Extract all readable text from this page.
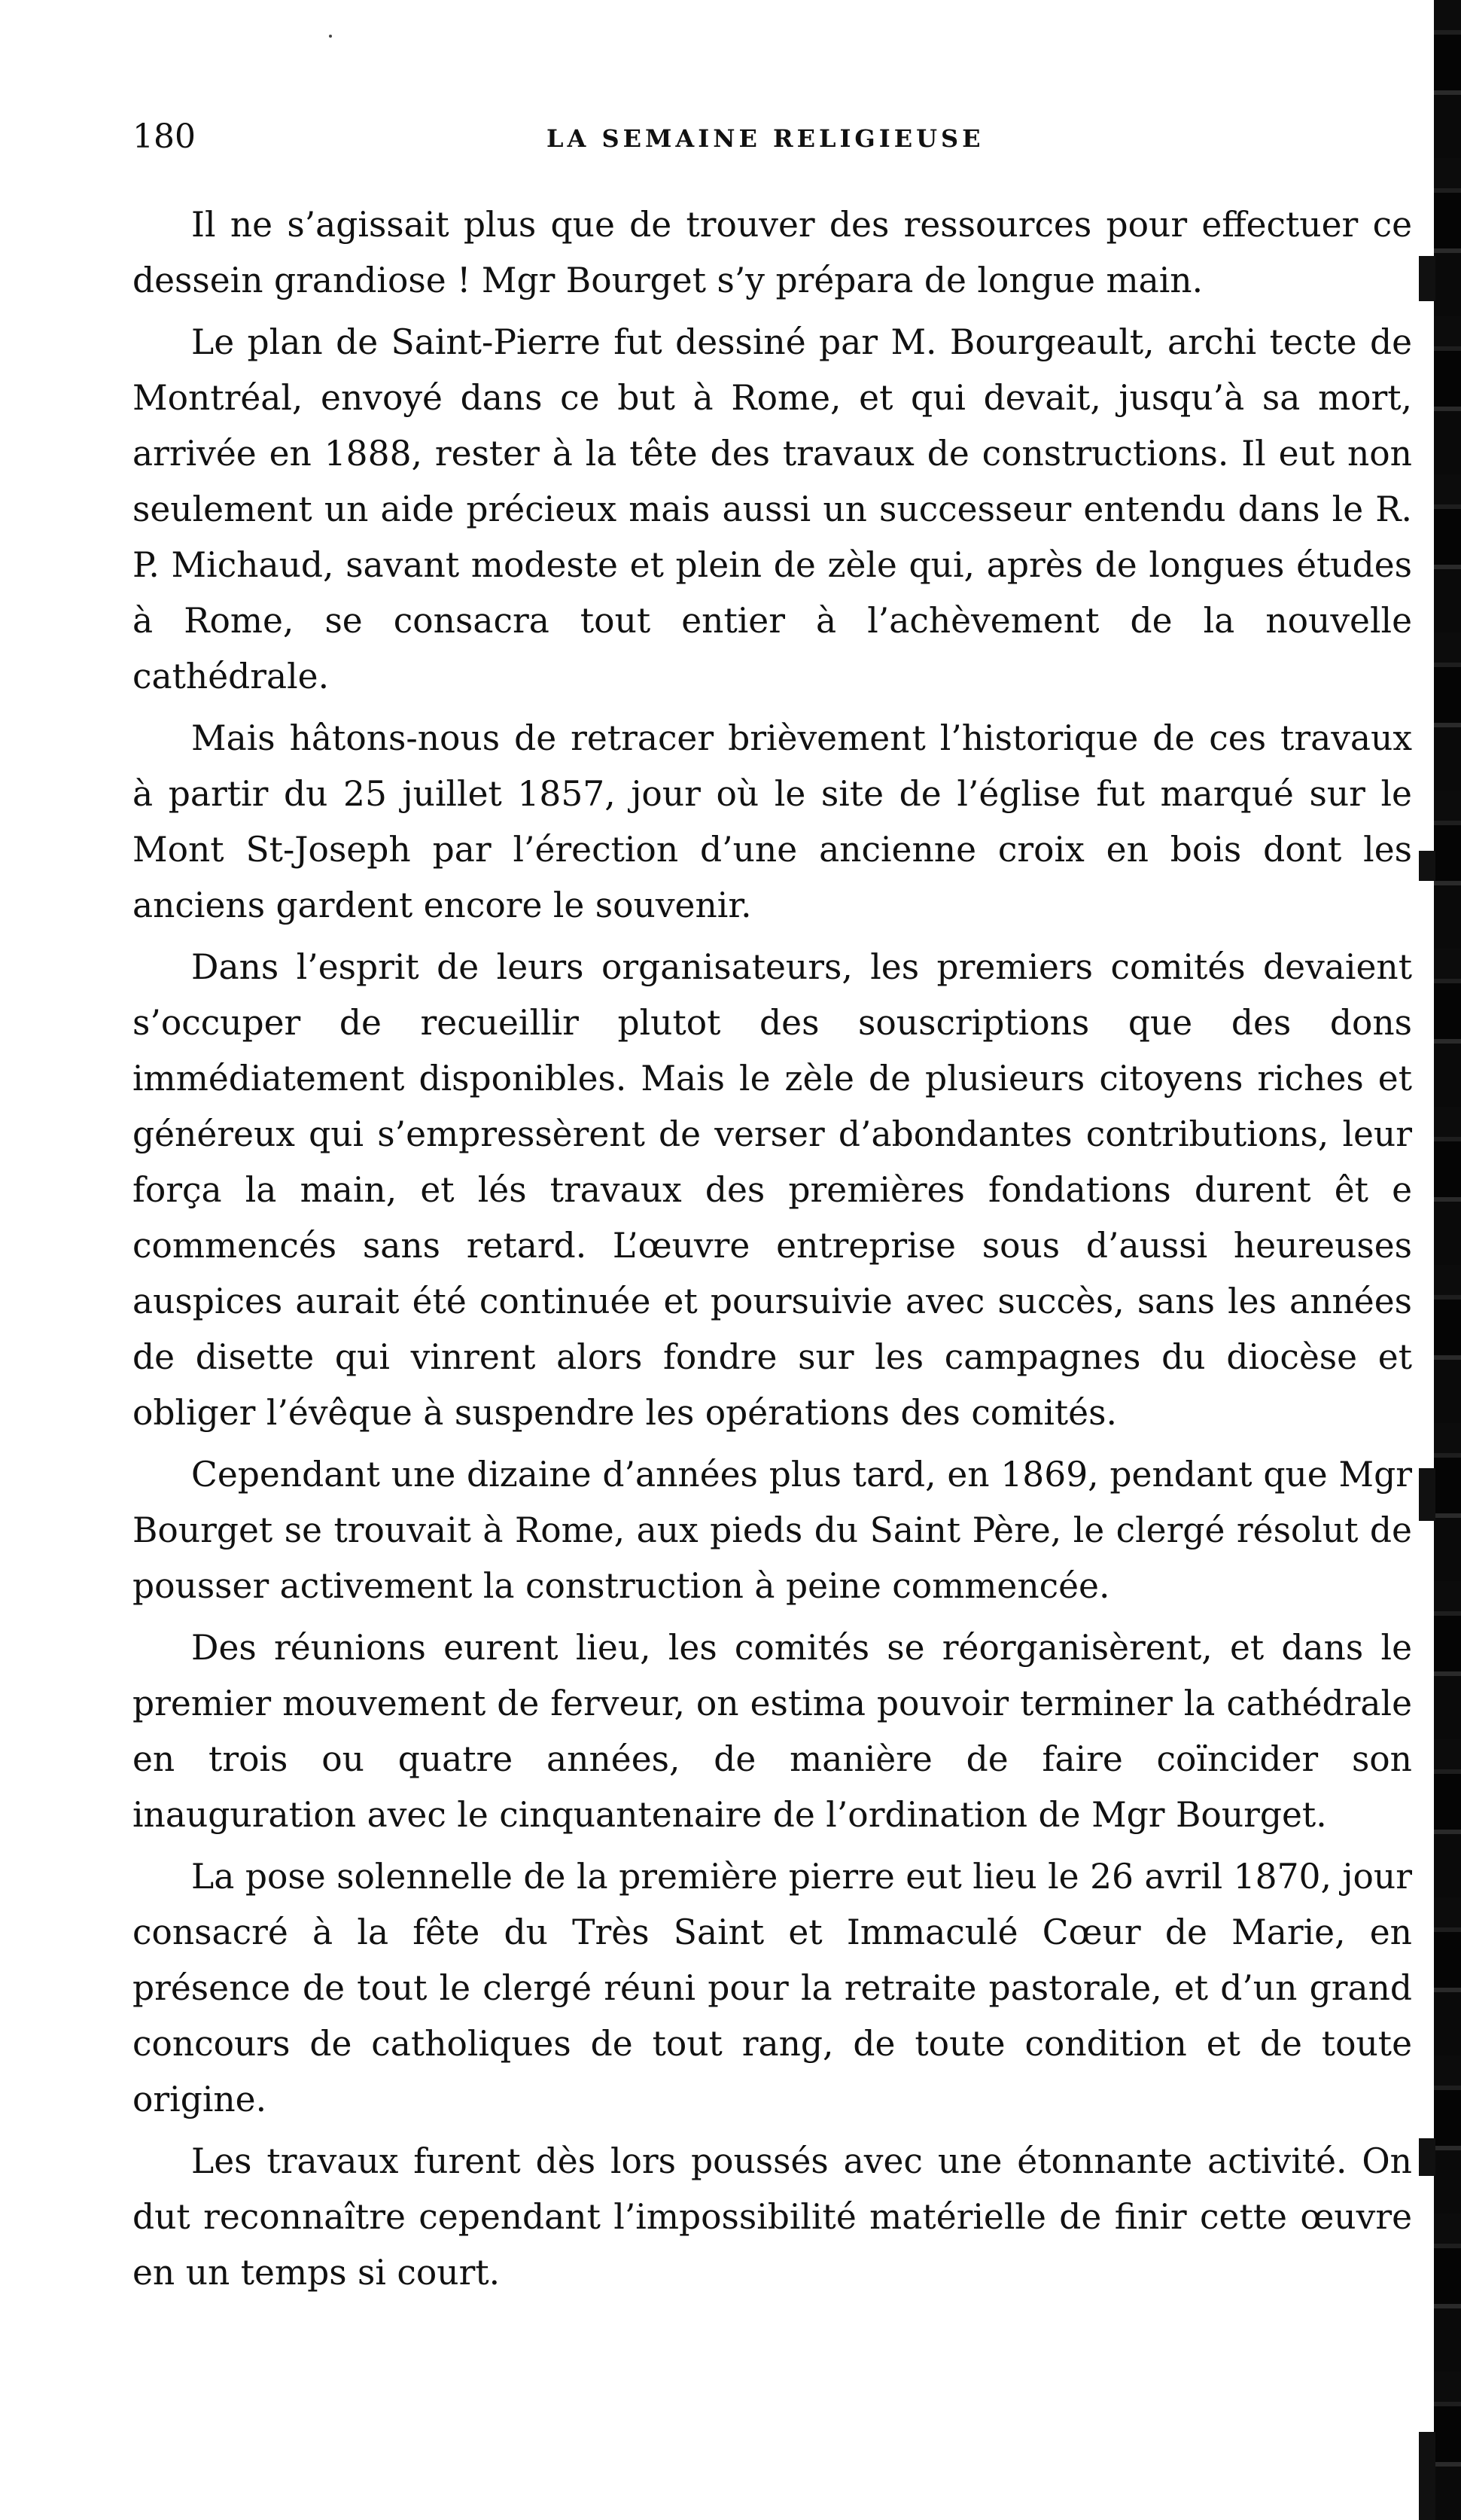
180	LA SEMAINE RELIGIEUSE

Il ne s’agissait plus que de trouver des ressources pour effectuer ce dessein grandiose ! Mgr Bourget s’y prépara de longue main.

Le plan de Saint-Pierre fut dessiné par M. Bourgeault, archi tecte de Montréal, envoyé dans ce but à Rome, et qui devait, jusqu’à sa mort, arrivée en 1888, rester à la tête des travaux de constructions. Il eut non seulement un aide précieux mais aussi un successeur entendu dans le R. P. Michaud, savant modeste et plein de zèle qui, après de longues études à Rome, se consacra tout entier à l’achèvement de la nouvelle cathédrale.

Mais hâtons-nous de retracer brièvement l’historique de ces travaux à partir du 25 juillet 1857, jour où le site de l’église fut marqué sur le Mont St-Joseph par l’érection d’une ancienne croix en bois dont les anciens gardent encore le souvenir.

Dans l’esprit de leurs organisateurs, les premiers comités devaient s’occuper de recueillir plutot des souscriptions que des dons immédiatement disponibles. Mais le zèle de plusieurs citoyens riches et généreux qui s’empressèrent de verser d’abondantes contributions, leur força la main, et lés travaux des premières fondations durent êt e commencés sans retard. L’œuvre entreprise sous d’aussi heureuses auspices aurait été continuée et poursuivie avec succès, sans les années de disette qui vinrent alors fondre sur les campagnes du diocèse et obliger l’évêque à suspendre les opérations des comités.

Cependant une dizaine d’années plus tard, en 1869, pendant que Mgr Bourget se trouvait à Rome, aux pieds du Saint Père, le clergé résolut de pousser activement la construction à peine commencée.

Des réunions eurent lieu, les comités se réorganisèrent, et dans le premier mouvement de ferveur, on estima pouvoir terminer la cathédrale en trois ou quatre années, de manière de faire coïncider son inauguration avec le cinquantenaire de l’ordination de Mgr Bourget.

La pose solennelle de la première pierre eut lieu le 26 avril 1870, jour consacré à la fête du Très Saint et Immaculé Cœur de Marie, en présence de tout le clergé réuni pour la retraite pastorale, et d’un grand concours de catholiques de tout rang, de toute condition et de toute origine.

Les travaux furent dès lors poussés avec une étonnante activité. On dut reconnaître cependant l’impossibilité matérielle de finir cette œuvre en un temps si court.
